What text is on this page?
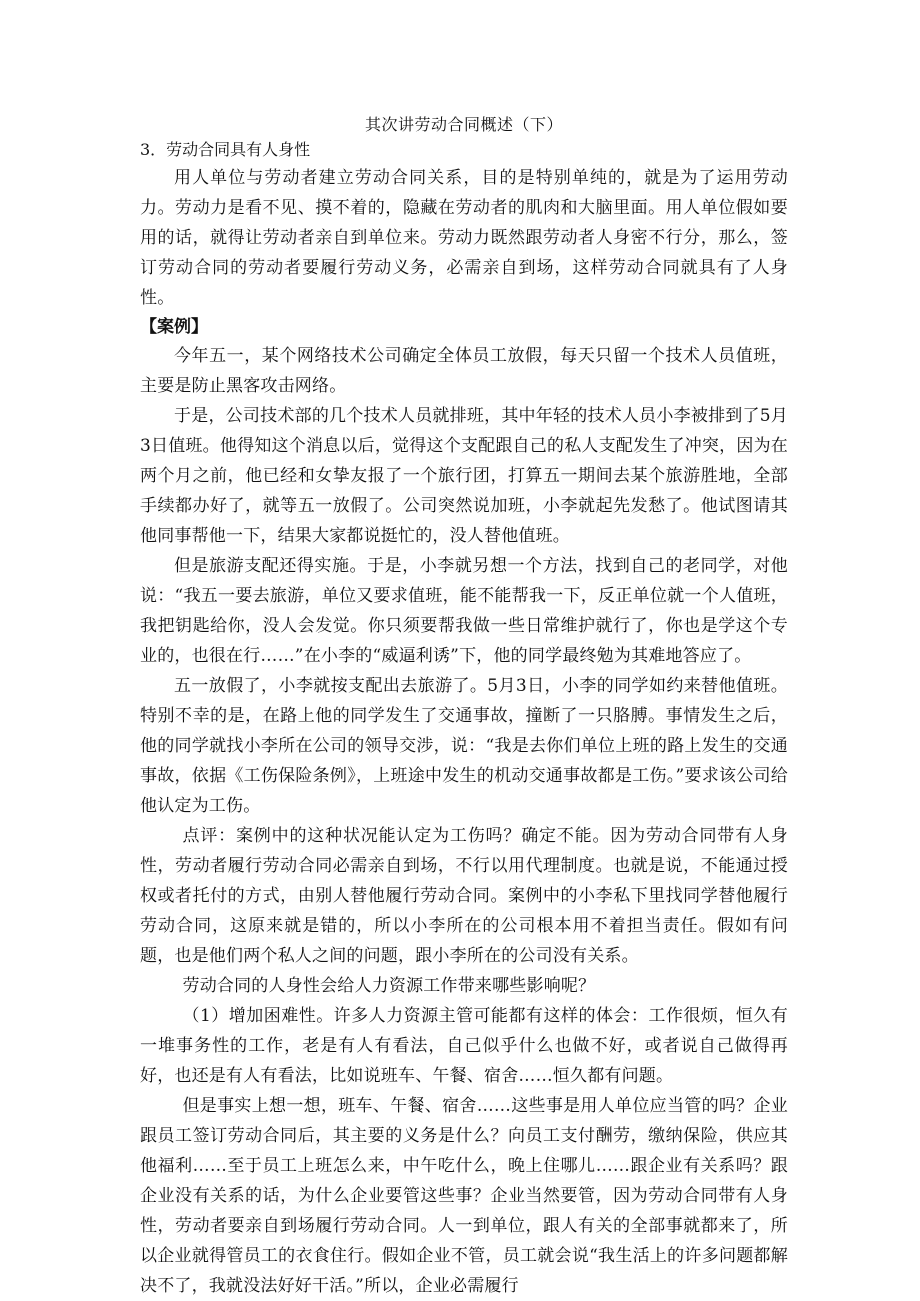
其次讲劳动合同概述（下）
3．劳动合同具有人身性

用人单位与劳动者建立劳动合同关系，目的是特别单纯的，就是为了运用劳动力。劳动力是看不见、摸不着的，隐藏在劳动者的肌肉和大脑里面。用人单位假如要用的话，就得让劳动者亲自到单位来。劳动力既然跟劳动者人身密不行分，那么，签订劳动合同的劳动者要履行劳动义务，必需亲自到场，这样劳动合同就具有了人身性。

【案例】

今年五一，某个网络技术公司确定全体员工放假，每天只留一个技术人员值班，主要是防止黑客攻击网络。

于是，公司技术部的几个技术人员就排班，其中年轻的技术人员小李被排到了5月3日值班。他得知这个消息以后，觉得这个支配跟自己的私人支配发生了冲突，因为在两个月之前，他已经和女挚友报了一个旅行团，打算五一期间去某个旅游胜地，全部手续都办好了，就等五一放假了。公司突然说加班，小李就起先发愁了。他试图请其他同事帮他一下，结果大家都说挺忙的，没人替他值班。

但是旅游支配还得实施。于是，小李就另想一个方法，找到自己的老同学，对他说：“我五一要去旅游，单位又要求值班，能不能帮我一下，反正单位就一个人值班，我把钥匙给你，没人会发觉。你只须要帮我做一些日常维护就行了，你也是学这个专业的，也很在行……”在小李的“威逼利诱”下，他的同学最终勉为其难地答应了。

五一放假了，小李就按支配出去旅游了。5月3日，小李的同学如约来替他值班。特别不幸的是，在路上他的同学发生了交通事故，撞断了一只胳膊。事情发生之后，他的同学就找小李所在公司的领导交涉，说：“我是去你们单位上班的路上发生的交通事故，依据《工伤保险条例》，上班途中发生的机动交通事故都是工伤。”要求该公司给他认定为工伤。

点评：案例中的这种状况能认定为工伤吗？确定不能。因为劳动合同带有人身性，劳动者履行劳动合同必需亲自到场，不行以用代理制度。也就是说，不能通过授权或者托付的方式，由别人替他履行劳动合同。案例中的小李私下里找同学替他履行劳动合同，这原来就是错的，所以小李所在的公司根本用不着担当责任。假如有问题，也是他们两个私人之间的问题，跟小李所在的公司没有关系。

劳动合同的人身性会给人力资源工作带来哪些影响呢？

（1）增加困难性。许多人力资源主管可能都有这样的体会：工作很烦，恒久有一堆事务性的工作，老是有人有看法，自己似乎什么也做不好，或者说自己做得再好，也还是有人有看法，比如说班车、午餐、宿舍……恒久都有问题。

但是事实上想一想，班车、午餐、宿舍……这些事是用人单位应当管的吗？企业跟员工签订劳动合同后，其主要的义务是什么？向员工支付酬劳，缴纳保险，供应其他福利……至于员工上班怎么来，中午吃什么，晚上住哪儿……跟企业有关系吗？跟企业没有关系的话，为什么企业要管这些事？企业当然要管，因为劳动合同带有人身性，劳动者要亲自到场履行劳动合同。人一到单位，跟人有关的全部事就都来了，所以企业就得管员工的衣食住行。假如企业不管，员工就会说“我生活上的许多问题都解决不了，我就没法好好干活。”所以，企业必需履行
